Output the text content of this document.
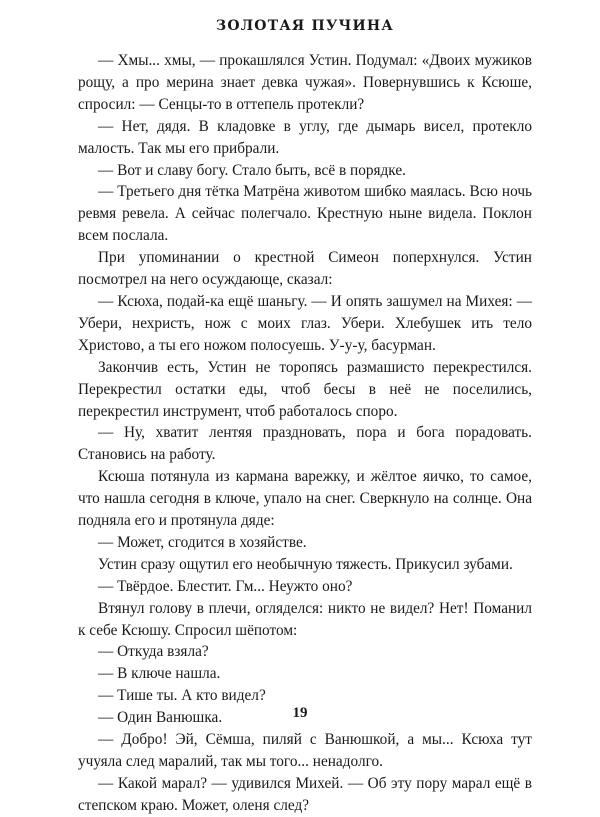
ЗОЛОТАЯ ПУЧИНА

— Хмы... хмы, — прокашлялся Устин. Подумал: «Двоих мужиков рощу, а про мерина знает девка чужая». Повернувшись к Ксюше, спросил: — Сенцы-то в оттепель протекли?

— Нет, дядя. В кладовке в углу, где дымарь висел, протекло малость. Так мы его прибрали.

— Вот и славу богу. Стало быть, всё в порядке.

— Третьего дня тётка Матрёна животом шибко маялась. Всю ночь ревмя ревела. А сейчас полегчало. Крестную ныне видела. Поклон всем послала.

При упоминании о крестной Симеон поперхнулся. Устин посмотрел на него осуждающе, сказал:

— Ксюха, подай-ка ещё шаньгу. — И опять зашумел на Михея: — Убери, нехристь, нож с моих глаз. Убери. Хлебушек ить тело Христово, а ты его ножом полосуешь. У-у-у, басурман.

Закончив есть, Устин не торопясь размашисто перекрестился. Перекрестил остатки еды, чтоб бесы в неё не поселились, перекрестил инструмент, чтоб работалось споро.

— Ну, хватит лентяя праздновать, пора и бога порадовать. Становись на работу.

Ксюша потянула из кармана варежку, и жёлтое яичко, то самое, что нашла сегодня в ключе, упало на снег. Сверкнуло на солнце. Она подняла его и протянула дяде:

— Может, сгодится в хозяйстве.

Устин сразу ощутил его необычную тяжесть. Прикусил зубами.

— Твёрдое. Блестит. Гм... Неужто оно?

Втянул голову в плечи, огляделся: никто не видел? Нет! Поманил к себе Ксюшу. Спросил шёпотом:

— Откуда взяла?

— В ключе нашла.

— Тише ты. А кто видел?

— Один Ванюшка.

— Добро! Эй, Сёмша, пиляй с Ванюшкой, а мы... Ксюха тут учуяла след маралий, так мы того... ненадолго.

— Какой марал? — удивился Михей. — Об эту пору марал ещё в степском краю. Может, оленя след?

19
